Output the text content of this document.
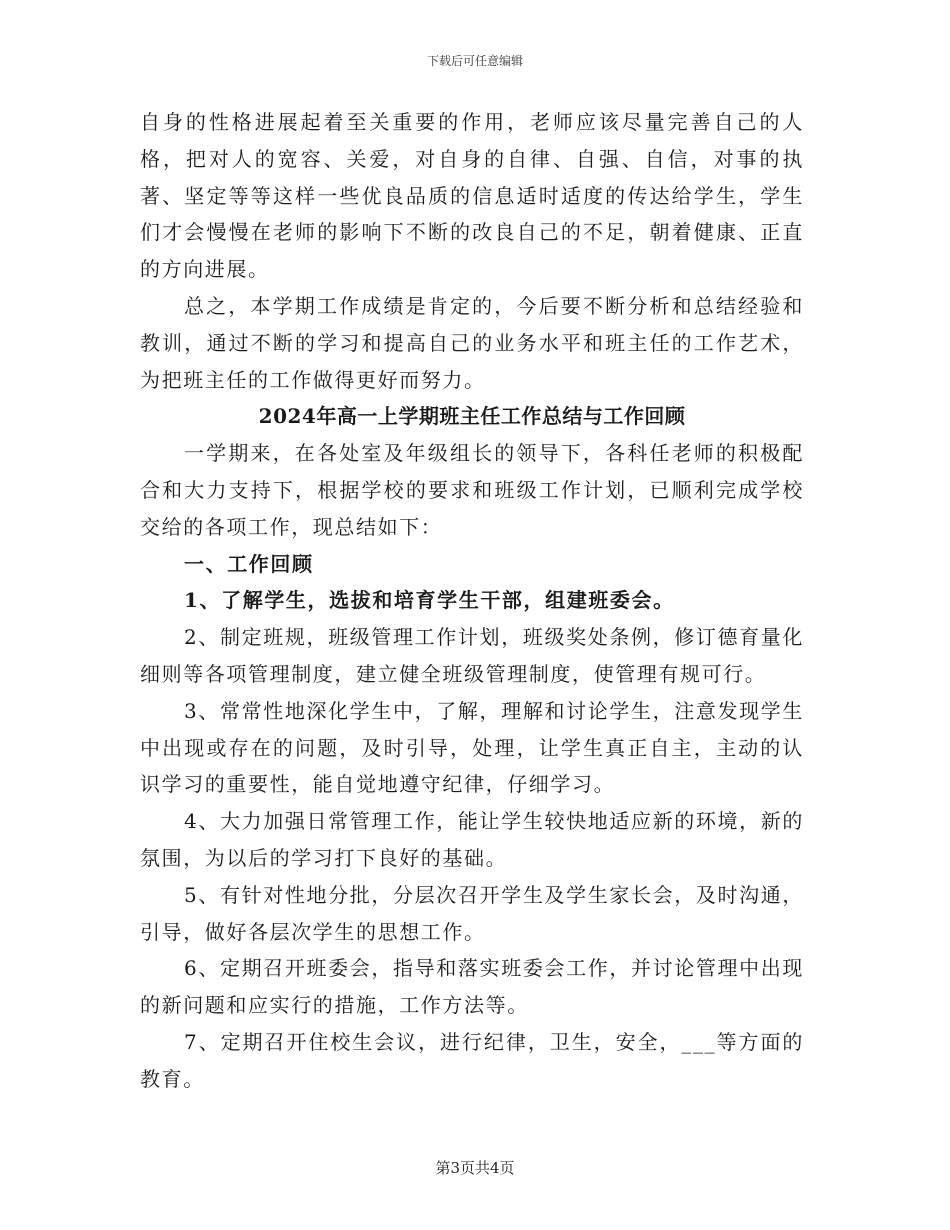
下载后可任意编辑

自身的性格进展起着至关重要的作用，老师应该尽量完善自己的人格，把对人的宽容、关爱，对自身的自律、自强、自信，对事的执著、坚定等等这样一些优良品质的信息适时适度的传达给学生，学生们才会慢慢在老师的影响下不断的改良自己的不足，朝着健康、正直的方向进展。

总之，本学期工作成绩是肯定的，今后要不断分析和总结经验和教训，通过不断的学习和提高自己的业务水平和班主任的工作艺术，为把班主任的工作做得更好而努力。

2024年高一上学期班主任工作总结与工作回顾

一学期来，在各处室及年级组长的领导下，各科任老师的积极配合和大力支持下，根据学校的要求和班级工作计划，已顺利完成学校交给的各项工作，现总结如下：

一、工作回顾

1、了解学生，选拔和培育学生干部，组建班委会。

2、制定班规，班级管理工作计划，班级奖处条例，修订德育量化细则等各项管理制度，建立健全班级管理制度，使管理有规可行。

3、常常性地深化学生中，了解，理解和讨论学生，注意发现学生中出现或存在的问题，及时引导，处理，让学生真正自主，主动的认识学习的重要性，能自觉地遵守纪律，仔细学习。

4、大力加强日常管理工作，能让学生较快地适应新的环境，新的氛围，为以后的学习打下良好的基础。

5、有针对性地分批，分层次召开学生及学生家长会，及时沟通，引导，做好各层次学生的思想工作。

6、定期召开班委会，指导和落实班委会工作，并讨论管理中出现的新问题和应实行的措施，工作方法等。

7、定期召开住校生会议，进行纪律，卫生，安全，___等方面的教育。

第3页共4页
